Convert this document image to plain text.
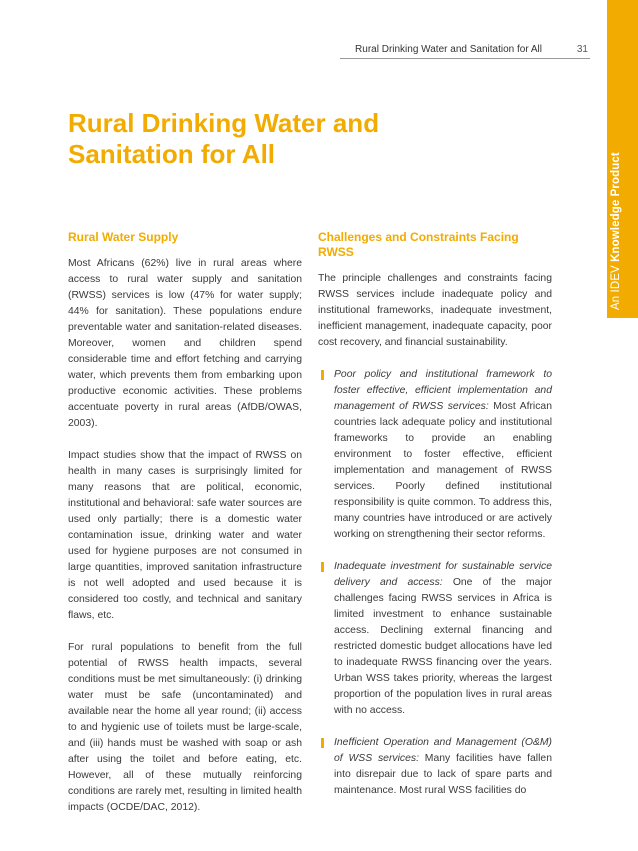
Rural Drinking Water and Sanitation for All	31
An IDEV Knowledge Product
Rural Drinking Water and Sanitation for All
Rural Water Supply

Most Africans (62%) live in rural areas where access to rural water supply and sanitation (RWSS) services is low (47% for water supply; 44% for sanitation). These populations endure preventable water and sanitation-related diseases. Moreover, women and children spend considerable time and effort fetching and carrying water, which prevents them from embarking upon productive economic activities. These problems accentuate poverty in rural areas (AfDB/OWAS, 2003).

Impact studies show that the impact of RWSS on health in many cases is surprisingly limited for many reasons that are political, economic, institutional and behavioral: safe water sources are used only partially; there is a domestic water contamination issue, drinking water and water used for hygiene purposes are not consumed in large quantities, improved sanitation infrastructure is not well adopted and used because it is considered too costly, and technical and sanitary flaws, etc.

For rural populations to benefit from the full potential of RWSS health impacts, several conditions must be met simultaneously: (i) drinking water must be safe (uncontaminated) and available near the home all year round; (ii) access to and hygienic use of toilets must be large-scale, and (iii) hands must be washed with soap or ash after using the toilet and before eating, etc. However, all of these mutually reinforcing conditions are rarely met, resulting in limited health impacts (OCDE/DAC, 2012).

Challenges and Constraints Facing RWSS

The principle challenges and constraints facing RWSS services include inadequate policy and institutional frameworks, inadequate investment, inefficient management, inadequate capacity, poor cost recovery, and financial sustainability.

Poor policy and institutional framework to foster effective, efficient implementation and management of RWSS services: Most African countries lack adequate policy and institutional frameworks to provide an enabling environment to foster effective, efficient implementation and management of RWSS services. Poorly defined institutional responsibility is quite common. To address this, many countries have introduced or are actively working on strengthening their sector reforms.
Inadequate investment for sustainable service delivery and access: One of the major challenges facing RWSS services in Africa is limited investment to enhance sustainable access. Declining external financing and restricted domestic budget allocations have led to inadequate RWSS financing over the years. Urban WSS takes priority, whereas the largest proportion of the population lives in rural areas with no access.
Inefficient Operation and Management (O&M) of WSS services: Many facilities have fallen into disrepair due to lack of spare parts and maintenance. Most rural WSS facilities do
